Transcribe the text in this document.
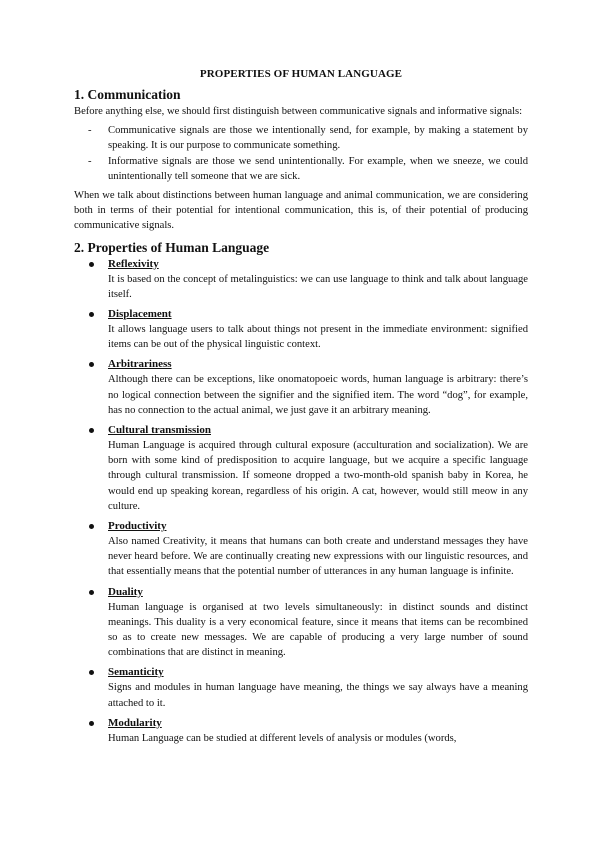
PROPERTIES OF HUMAN LANGUAGE
1. Communication

Before anything else, we should first distinguish between communicative signals and informative signals:

- Communicative signals are those we intentionally send, for example, by making a statement by speaking. It is our purpose to communicate something.
- Informative signals are those we send unintentionally. For example, when we sneeze, we could unintentionally tell someone that we are sick.

When we talk about distinctions between human language and animal communication, we are considering both in terms of their potential for intentional communication, this is, of their potential of producing communicative signals.

2. Properties of Human Language
Reflexivity

It is based on the concept of metalinguistics: we can use language to think and talk about language itself.

Displacement

It allows language users to talk about things not present in the immediate environment: signified items can be out of the physical linguistic context.

Arbitrariness

Although there can be exceptions, like onomatopoeic words, human language is arbitrary: there’s no logical connection between the signifier and the signified item. The word “dog”, for example, has no connection to the actual animal, we just gave it an arbitrary meaning.

Cultural transmission

Human Language is acquired through cultural exposure (acculturation and socialization). We are born with some kind of predisposition to acquire language, but we acquire a specific language through cultural transmission. If someone dropped a two-month-old spanish baby in Korea, he would end up speaking korean, regardless of his origin. A cat, however, would still meow in any culture.

Productivity

Also named Creativity, it means that humans can both create and understand messages they have never heard before. We are continually creating new expressions with our linguistic resources, and that essentially means that the potential number of utterances in any human language is infinite.

Duality

Human language is organised at two levels simultaneously: in distinct sounds and distinct meanings. This duality is a very economical feature, since it means that items can be recombined so as to create new messages. We are capable of producing a very large number of sound combinations that are distinct in meaning.

Semanticity

Signs and modules in human language have meaning, the things we say always have a meaning attached to it.

Modularity

Human Language can be studied at different levels of analysis or modules (words,
